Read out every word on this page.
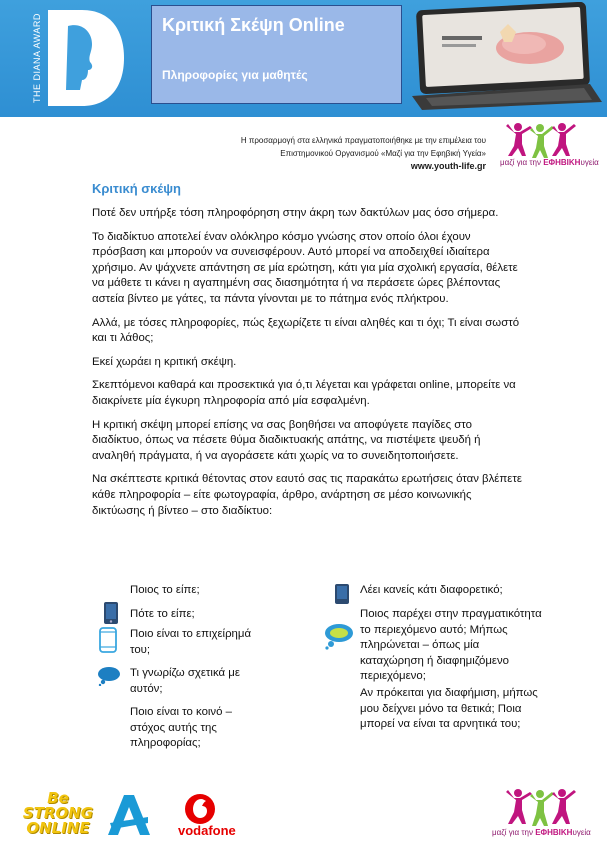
THE DIANA AWARD	Κριτική Σκέψη Online
Πληροφορίες για μαθητές
Η προσαρμογή στα ελληνικά πραγματοποιήθηκε με την επιμέλεια του
Επιστημονικού Οργανισμού «Μαζί για την Εφηβική Υγεία»
www.youth-life.gr μαζί για την ΕΦΗΒΙΚΗυγεία
Κριτική σκέψη

Ποτέ δεν υπήρξε τόση πληροφόρηση στην άκρη των δακτύλων μας όσο σήμερα.

Το διαδίκτυο αποτελεί έναν ολόκληρο κόσμο γνώσης στον οποίο όλοι έχουν πρόσβαση και μπορούν να συνεισφέρουν. Αυτό μπορεί να αποδειχθεί ιδιαίτερα χρήσιμο. Αν ψάχνετε απάντηση σε μία ερώτηση, κάτι για μία σχολική εργασία, θέλετε να μάθετε τι κάνει η αγαπημένη σας διασημότητα ή να περάσετε ώρες βλέποντας αστεία βίντεο με γάτες, τα πάντα γίνονται με το πάτημα ενός πλήκτρου.

Αλλά, με τόσες πληροφορίες, πώς ξεχωρίζετε τι είναι αληθές και τι όχι; Τι είναι σωστό και τι λάθος;

Εκεί χωράει η κριτική σκέψη.

Σκεπτόμενοι καθαρά και προσεκτικά για ό,τι λέγεται και γράφεται online, μπορείτε να διακρίνετε μία έγκυρη πληροφορία από μία εσφαλμένη.

Η κριτική σκέψη μπορεί επίσης να σας βοηθήσει να αποφύγετε παγίδες στο διαδίκτυο, όπως να πέσετε θύμα διαδικτυακής απάτης, να πιστέψετε ψευδή ή αναληθή πράγματα, ή να αγοράσετε κάτι χωρίς να το συνειδητοποιήσετε.

Να σκέπτεστε κριτικά θέτοντας στον εαυτό σας τις παρακάτω ερωτήσεις όταν βλέπετε κάθε πληροφορία – είτε φωτογραφία, άρθρο, ανάρτηση σε μέσο κοινωνικής δικτύωσης ή βίντεο – στο διαδίκτυο:

Ποιος το είπε;
Πότε το είπε;
Ποιο είναι το επιχείρημά του;
Τι γνωρίζω σχετικά με αυτόν;
Ποιο είναι το κοινό – στόχος αυτής της πληροφορίας;
Λέει κανείς κάτι διαφορετικό;
Ποιος παρέχει στην πραγματικότητα το περιεχόμενο αυτό; Μήπως πληρώνεται – όπως μία καταχώρηση ή διαφημιζόμενο περιεχόμενο;
Αν πρόκειται για διαφήμιση, μήπως μου δείχνει μόνο τα θετικά; Ποια μπορεί να είναι τα αρνητικά του;
Be STRONG ONLINE	vodafone	μαζί για την ΕΦΗΒΙΚΗυγεία
